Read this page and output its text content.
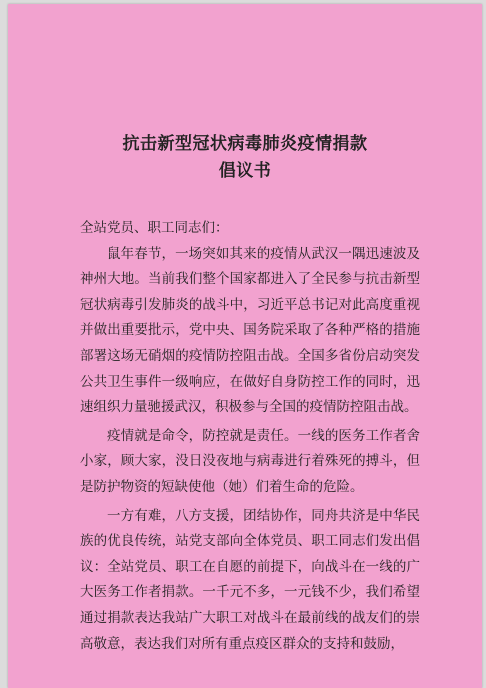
抗击新型冠状病毒肺炎疫情捐款
倡议书

全站党员、职工同志们：

鼠年春节，一场突如其来的疫情从武汉一隅迅速波及神州大地。当前我们整个国家都进入了全民参与抗击新型冠状病毒引发肺炎的战斗中，习近平总书记对此高度重视并做出重要批示，党中央、国务院采取了各种严格的措施部署这场无硝烟的疫情防控阻击战。全国多省份启动突发公共卫生事件一级响应，在做好自身防控工作的同时，迅速组织力量驰援武汉，积极参与全国的疫情防控阻击战。

疫情就是命令，防控就是责任。一线的医务工作者舍小家，顾大家，没日没夜地与病毒进行着殊死的搏斗，但是防护物资的短缺使他（她）们着生命的危险。

一方有难，八方支援，团结协作，同舟共济是中华民族的优良传统，站党支部向全体党员、职工同志们发出倡议：全站党员、职工在自愿的前提下，向战斗在一线的广大医务工作者捐款。一千元不多，一元钱不少，我们希望通过捐款表达我站广大职工对战斗在最前线的战友们的崇高敬意，表达我们对所有重点疫区群众的支持和鼓励，
